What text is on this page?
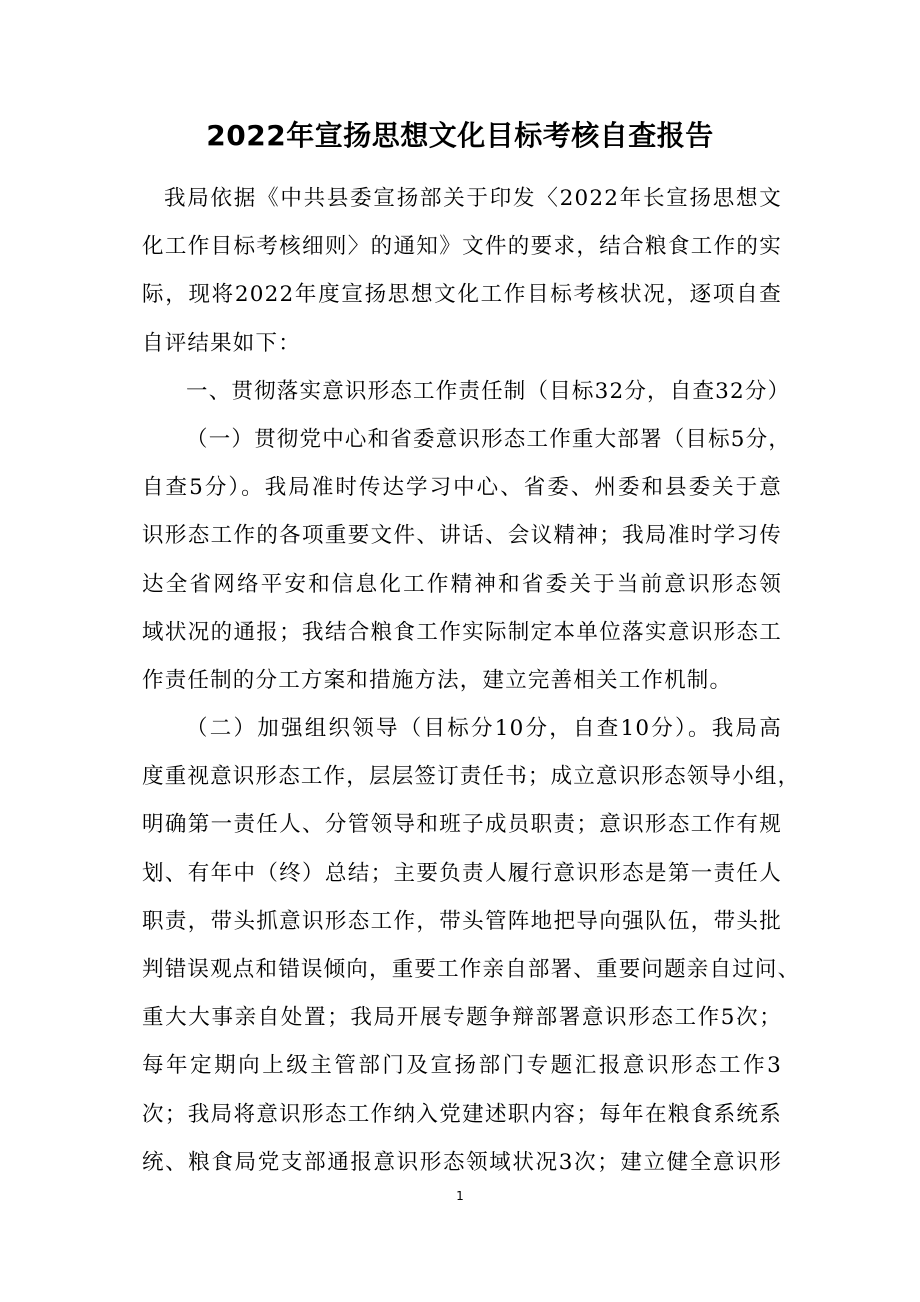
2022年宣扬思想文化目标考核自查报告
我局依据《中共县委宣扬部关于印发〈2022年长宣扬思想文
化工作目标考核细则〉的通知》文件的要求，结合粮食工作的实
际，现将2022年度宣扬思想文化工作目标考核状况，逐项自查
自评结果如下：
一、贯彻落实意识形态工作责任制（目标32分，自查32分）
（一）贯彻党中心和省委意识形态工作重大部署（目标5分，
自查5分）。我局准时传达学习中心、省委、州委和县委关于意
识形态工作的各项重要文件、讲话、会议精神；我局准时学习传
达全省网络平安和信息化工作精神和省委关于当前意识形态领
域状况的通报；我结合粮食工作实际制定本单位落实意识形态工
作责任制的分工方案和措施方法，建立完善相关工作机制。
（二）加强组织领导（目标分10分，自查10分）。我局高
度重视意识形态工作，层层签订责任书；成立意识形态领导小组，
明确第一责任人、分管领导和班子成员职责；意识形态工作有规
划、有年中（终）总结；主要负责人履行意识形态是第一责任人
职责，带头抓意识形态工作，带头管阵地把导向强队伍，带头批
判错误观点和错误倾向，重要工作亲自部署、重要问题亲自过问、
重大大事亲自处置；我局开展专题争辩部署意识形态工作5次；
每年定期向上级主管部门及宣扬部门专题汇报意识形态工作3
次；我局将意识形态工作纳入党建述职内容；每年在粮食系统系
统、粮食局党支部通报意识形态领域状况3次；建立健全意识形
1
